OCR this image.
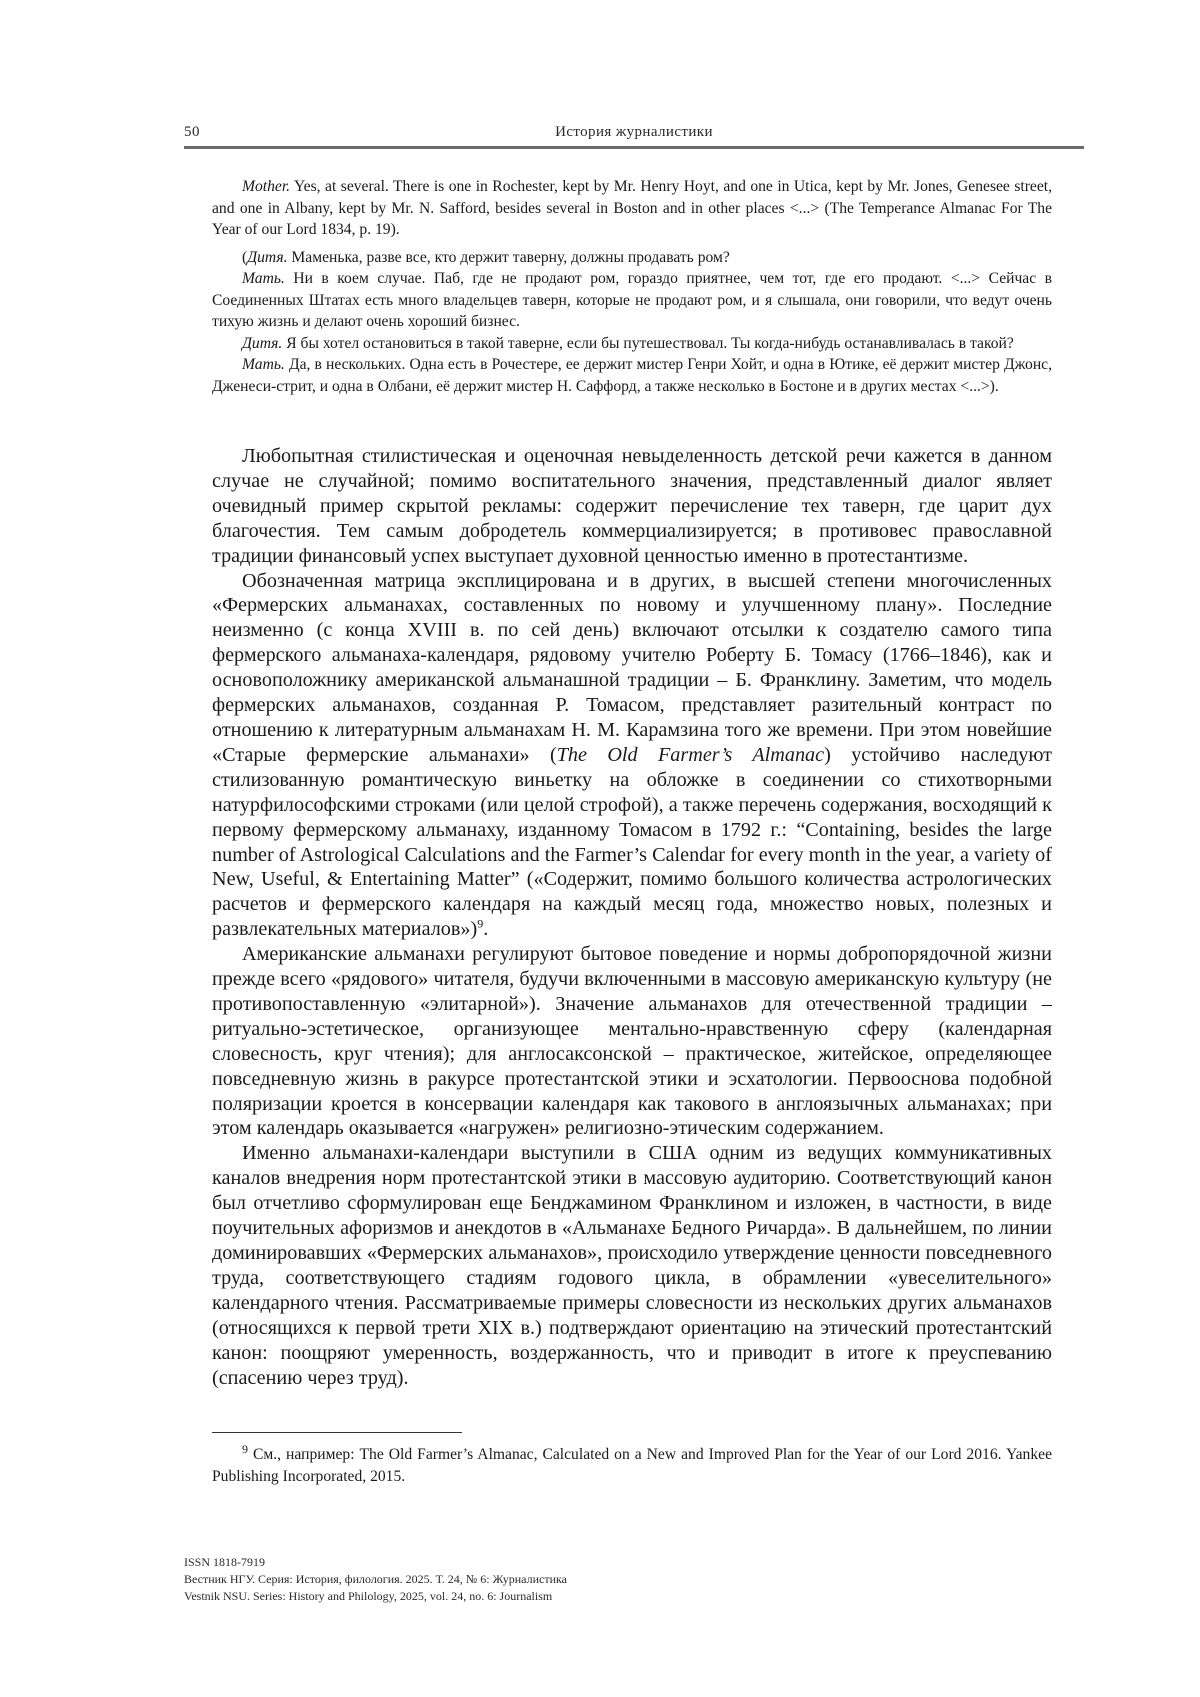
50	История журналистики

Mother. Yes, at several. There is one in Rochester, kept by Mr. Henry Hoyt, and one in Utica, kept by Mr. Jones, Genesee street, and one in Albany, kept by Mr. N. Safford, besides several in Boston and in other places <...> (The Temperance Almanac For The Year of our Lord 1834, p. 19).

(Дитя. Маменька, разве все, кто держит таверну, должны продавать ром?

Мать. Ни в коем случае. Паб, где не продают ром, гораздо приятнее, чем тот, где его продают. <...> Сейчас в Соединенных Штатах есть много владельцев таверн, которые не продают ром, и я слышала, они говорили, что ведут очень тихую жизнь и делают очень хороший бизнес.

Дитя. Я бы хотел остановиться в такой таверне, если бы путешествовал. Ты когда-нибудь останавливалась в такой?

Мать. Да, в нескольких. Одна есть в Рочестере, ее держит мистер Генри Хойт, и одна в Ютике, её держит мистер Джонс, Дженеси-стрит, и одна в Олбани, её держит мистер Н. Саффорд, а также несколько в Бостоне и в других местах <...>).

Любопытная стилистическая и оценочная невыделенность детской речи кажется в данном случае не случайной; помимо воспитательного значения, представленный диалог являет очевидный пример скрытой рекламы: содержит перечисление тех таверн, где царит дух благочестия. Тем самым добродетель коммерциализируется; в противовес православной традиции финансовый успех выступает духовной ценностью именно в протестантизме.

Обозначенная матрица эксплицирована и в других, в высшей степени многочисленных «Фермерских альманахах, составленных по новому и улучшенному плану». Последние неизменно (с конца XVIII в. по сей день) включают отсылки к создателю самого типа фермерского альманаха-календаря, рядовому учителю Роберту Б. Томасу (1766–1846), как и основоположнику американской альманашной традиции – Б. Франклину. Заметим, что модель фермерских альманахов, созданная Р. Томасом, представляет разительный контраст по отношению к литературным альманахам Н. М. Карамзина того же времени. При этом новейшие «Старые фермерские альманахи» (The Old Farmer’s Almanac) устойчиво наследуют стилизованную романтическую виньетку на обложке в соединении со стихотворными натурфилософскими строками (или целой строфой), а также перечень содержания, восходящий к первому фермерскому альманаху, изданному Томасом в 1792 г.: “Containing, besides the large number of Astrological Calculations and the Farmer’s Calendar for every month in the year, a variety of New, Useful, & Entertaining Matter” («Содержит, помимо большого количества астрологических расчетов и фермерского календаря на каждый месяц года, множество новых, полезных и развлекательных материалов»)9.

Американские альманахи регулируют бытовое поведение и нормы добропорядочной жизни прежде всего «рядового» читателя, будучи включенными в массовую американскую культуру (не противопоставленную «элитарной»). Значение альманахов для отечественной традиции – ритуально-эстетическое, организующее ментально-нравственную сферу (календарная словесность, круг чтения); для англосаксонской – практическое, житейское, определяющее повседневную жизнь в ракурсе протестантской этики и эсхатологии. Первооснова подобной поляризации кроется в консервации календаря как такового в англоязычных альманахах; при этом календарь оказывается «нагружен» религиозно-этическим содержанием.

Именно альманахи-календари выступили в США одним из ведущих коммуникативных каналов внедрения норм протестантской этики в массовую аудиторию. Соответствующий канон был отчетливо сформулирован еще Бенджамином Франклином и изложен, в частности, в виде поучительных афоризмов и анекдотов в «Альманахе Бедного Ричарда». В дальнейшем, по линии доминировавших «Фермерских альманахов», происходило утверждение ценности повседневного труда, соответствующего стадиям годового цикла, в обрамлении «увеселительного» календарного чтения. Рассматриваемые примеры словесности из нескольких других альманахов (относящихся к первой трети XIX в.) подтверждают ориентацию на этический протестантский канон: поощряют умеренность, воздержанность, что и приводит в итоге к преуспеванию (спасению через труд).

9 См., например: The Old Farmer’s Almanac, Calculated on a New and Improved Plan for the Year of our Lord 2016. Yankee Publishing Incorporated, 2015.

ISSN 1818-7919
Вестник НГУ. Серия: История, филология. 2025. Т. 24, № 6: Журналистика
Vestnik NSU. Series: History and Philology, 2025, vol. 24, no. 6: Journalism
